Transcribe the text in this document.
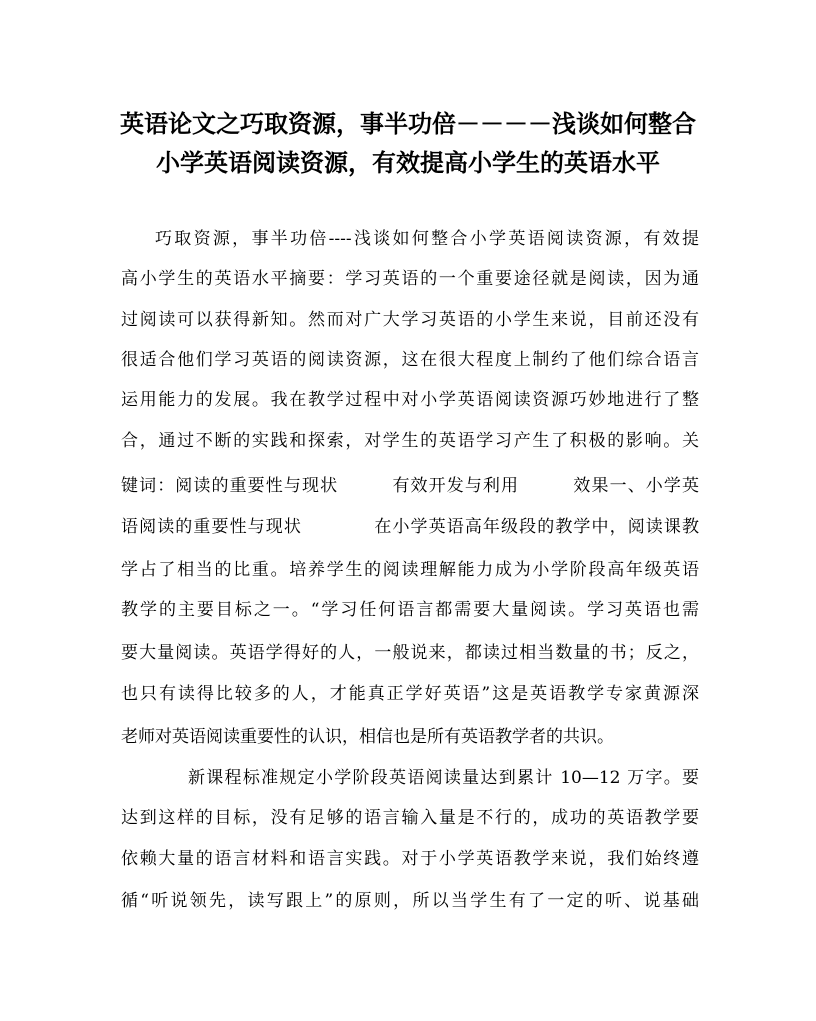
英语论文之巧取资源，事半功倍－－－－浅谈如何整合
小学英语阅读资源，有效提高小学生的英语水平
巧取资源，事半功倍----浅谈如何整合小学英语阅读资源，有效提
高小学生的英语水平摘要：学习英语的一个重要途径就是阅读，因为通
过阅读可以获得新知。然而对广大学习英语的小学生来说，目前还没有
很适合他们学习英语的阅读资源，这在很大程度上制约了他们综合语言
运用能力的发展。我在教学过程中对小学英语阅读资源巧妙地进行了整
合，通过不断的实践和探索，对学生的英语学习产生了积极的影响。关
键词：阅读的重要性与现状　　　有效开发与利用　　　效果一、小学英
语阅读的重要性与现状　　　　在小学英语高年级段的教学中，阅读课教
学占了相当的比重。培养学生的阅读理解能力成为小学阶段高年级英语
教学的主要目标之一。“学习任何语言都需要大量阅读。学习英语也需
要大量阅读。英语学得好的人，一般说来，都读过相当数量的书；反之，
也只有读得比较多的人，才能真正学好英语”这是英语教学专家黄源深
老师对英语阅读重要性的认识，相信也是所有英语教学者的共识。
新课程标准规定小学阶段英语阅读量达到累计 10—12 万字。要
达到这样的目标，没有足够的语言输入量是不行的，成功的英语教学要
依赖大量的语言材料和语言实践。对于小学英语教学来说，我们始终遵
循“听说领先，读写跟上”的原则，所以当学生有了一定的听、说基础
